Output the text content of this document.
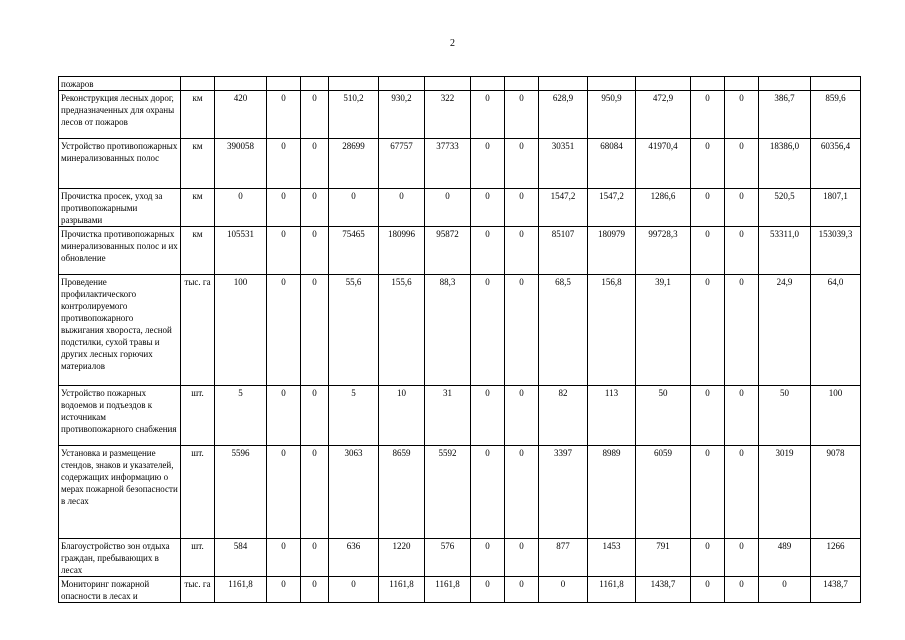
2
пожаров																
Реконструкция лесных дорог, предназначенных для охраны лесов от пожаров	км	420	0	0	510,2	930,2	322	0	0	628,9	950,9	472,9	0	0	386,7	859,6
Устройство противопожарных минерализованных полос	км	390058	0	0	28699	67757	37733	0	0	30351	68084	41970,4	0	0	18386,0	60356,4
Прочистка просек, уход за противопожарными разрывами	км	0	0	0	0	0	0	0	0	1547,2	1547,2	1286,6	0	0	520,5	1807,1
Прочистка противопожарных минерализованных полос и их обновление	км	105531	0	0	75465	180996	95872	0	0	85107	180979	99728,3	0	0	53311,0	153039,3
Проведение профилактического контролируемого противопожарного выжигания хвороста, лесной подстилки, сухой травы и других лесных горючих материалов	тыс. га	100	0	0	55,6	155,6	88,3	0	0	68,5	156,8	39,1	0	0	24,9	64,0
Устройство пожарных водоемов и подъездов к источникам противопожарного снабжения	шт.	5	0	0	5	10	31	0	0	82	113	50	0	0	50	100
Установка и размещение стендов, знаков и указателей, содержащих информацию о мерах пожарной безопасности в лесах	шт.	5596	0	0	3063	8659	5592	0	0	3397	8989	6059	0	0	3019	9078
Благоустройство зон отдыха граждан, пребывающих в лесах	шт.	584	0	0	636	1220	576	0	0	877	1453	791	0	0	489	1266
Мониторинг пожарной опасности в лесах и	тыс. га	1161,8	0	0	0	1161,8	1161,8	0	0	0	1161,8	1438,7	0	0	0	1438,7
